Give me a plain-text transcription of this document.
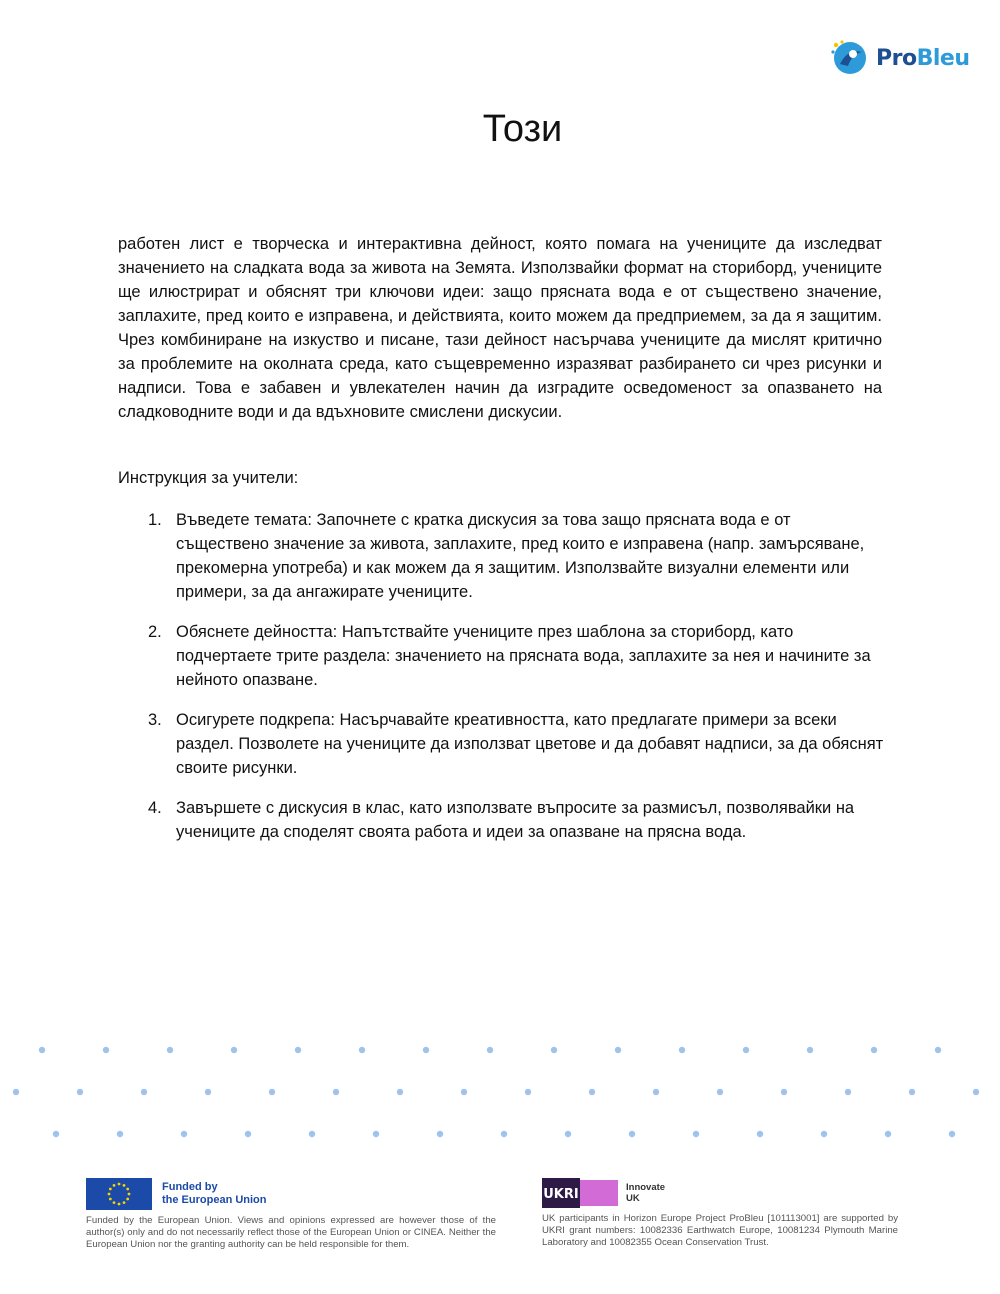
ProBleu
Този

работен лист е творческа и интерактивна дейност, която помага на учениците да изследват значението на сладката вода за живота на Земята. Използвайки формат на сториборд, учениците ще илюстрират и обяснят три ключови идеи: защо прясната вода е от съществено значение, заплахите, пред които е изправена, и действията, които можем да предприемем, за да я защитим. Чрез комбиниране на изкуство и писане, тази дейност насърчава учениците да мислят критично за проблемите на околната среда, като същевременно изразяват разбирането си чрез рисунки и надписи. Това е забавен и увлекателен начин да изградите осведоменост за опазването на сладководните води и да вдъхновите смислени дискусии.

Инструкция за учители:

1. Въведете темата: Започнете с кратка дискусия за това защо прясната вода е от съществено значение за живота, заплахите, пред които е изправена (напр. замърсяване, прекомерна употреба) и как можем да я защитим. Използвайте визуални елементи или примери, за да ангажирате учениците.
2. Обяснете дейността: Напътствайте учениците през шаблона за сториборд, като подчертаете трите раздела: значението на прясната вода, заплахите за нея и начините за нейното опазване.
3. Осигурете подкрепа: Насърчавайте креативността, като предлагате примери за всеки раздел. Позволете на учениците да използват цветове и да добавят надписи, за да обяснят своите рисунки.
4. Завършете с дискусия в клас, като използвате въпросите за размисъл, позволявайки на учениците да споделят своята работа и идеи за опазване на прясна вода.
Funded by
the European Union
Funded by the European Union. Views and opinions expressed are however those of the author(s) only and do not necessarily reflect those of the European Union or CINEA. Neither the European Union nor the granting authority can be held responsible for them.
UKRI	Innovate
UK
UK participants in Horizon Europe Project ProBleu [101113001] are supported by UKRI grant numbers: 10082336 Earthwatch Europe, 10081234 Plymouth Marine Laboratory and 10082355 Ocean Conservation Trust.
